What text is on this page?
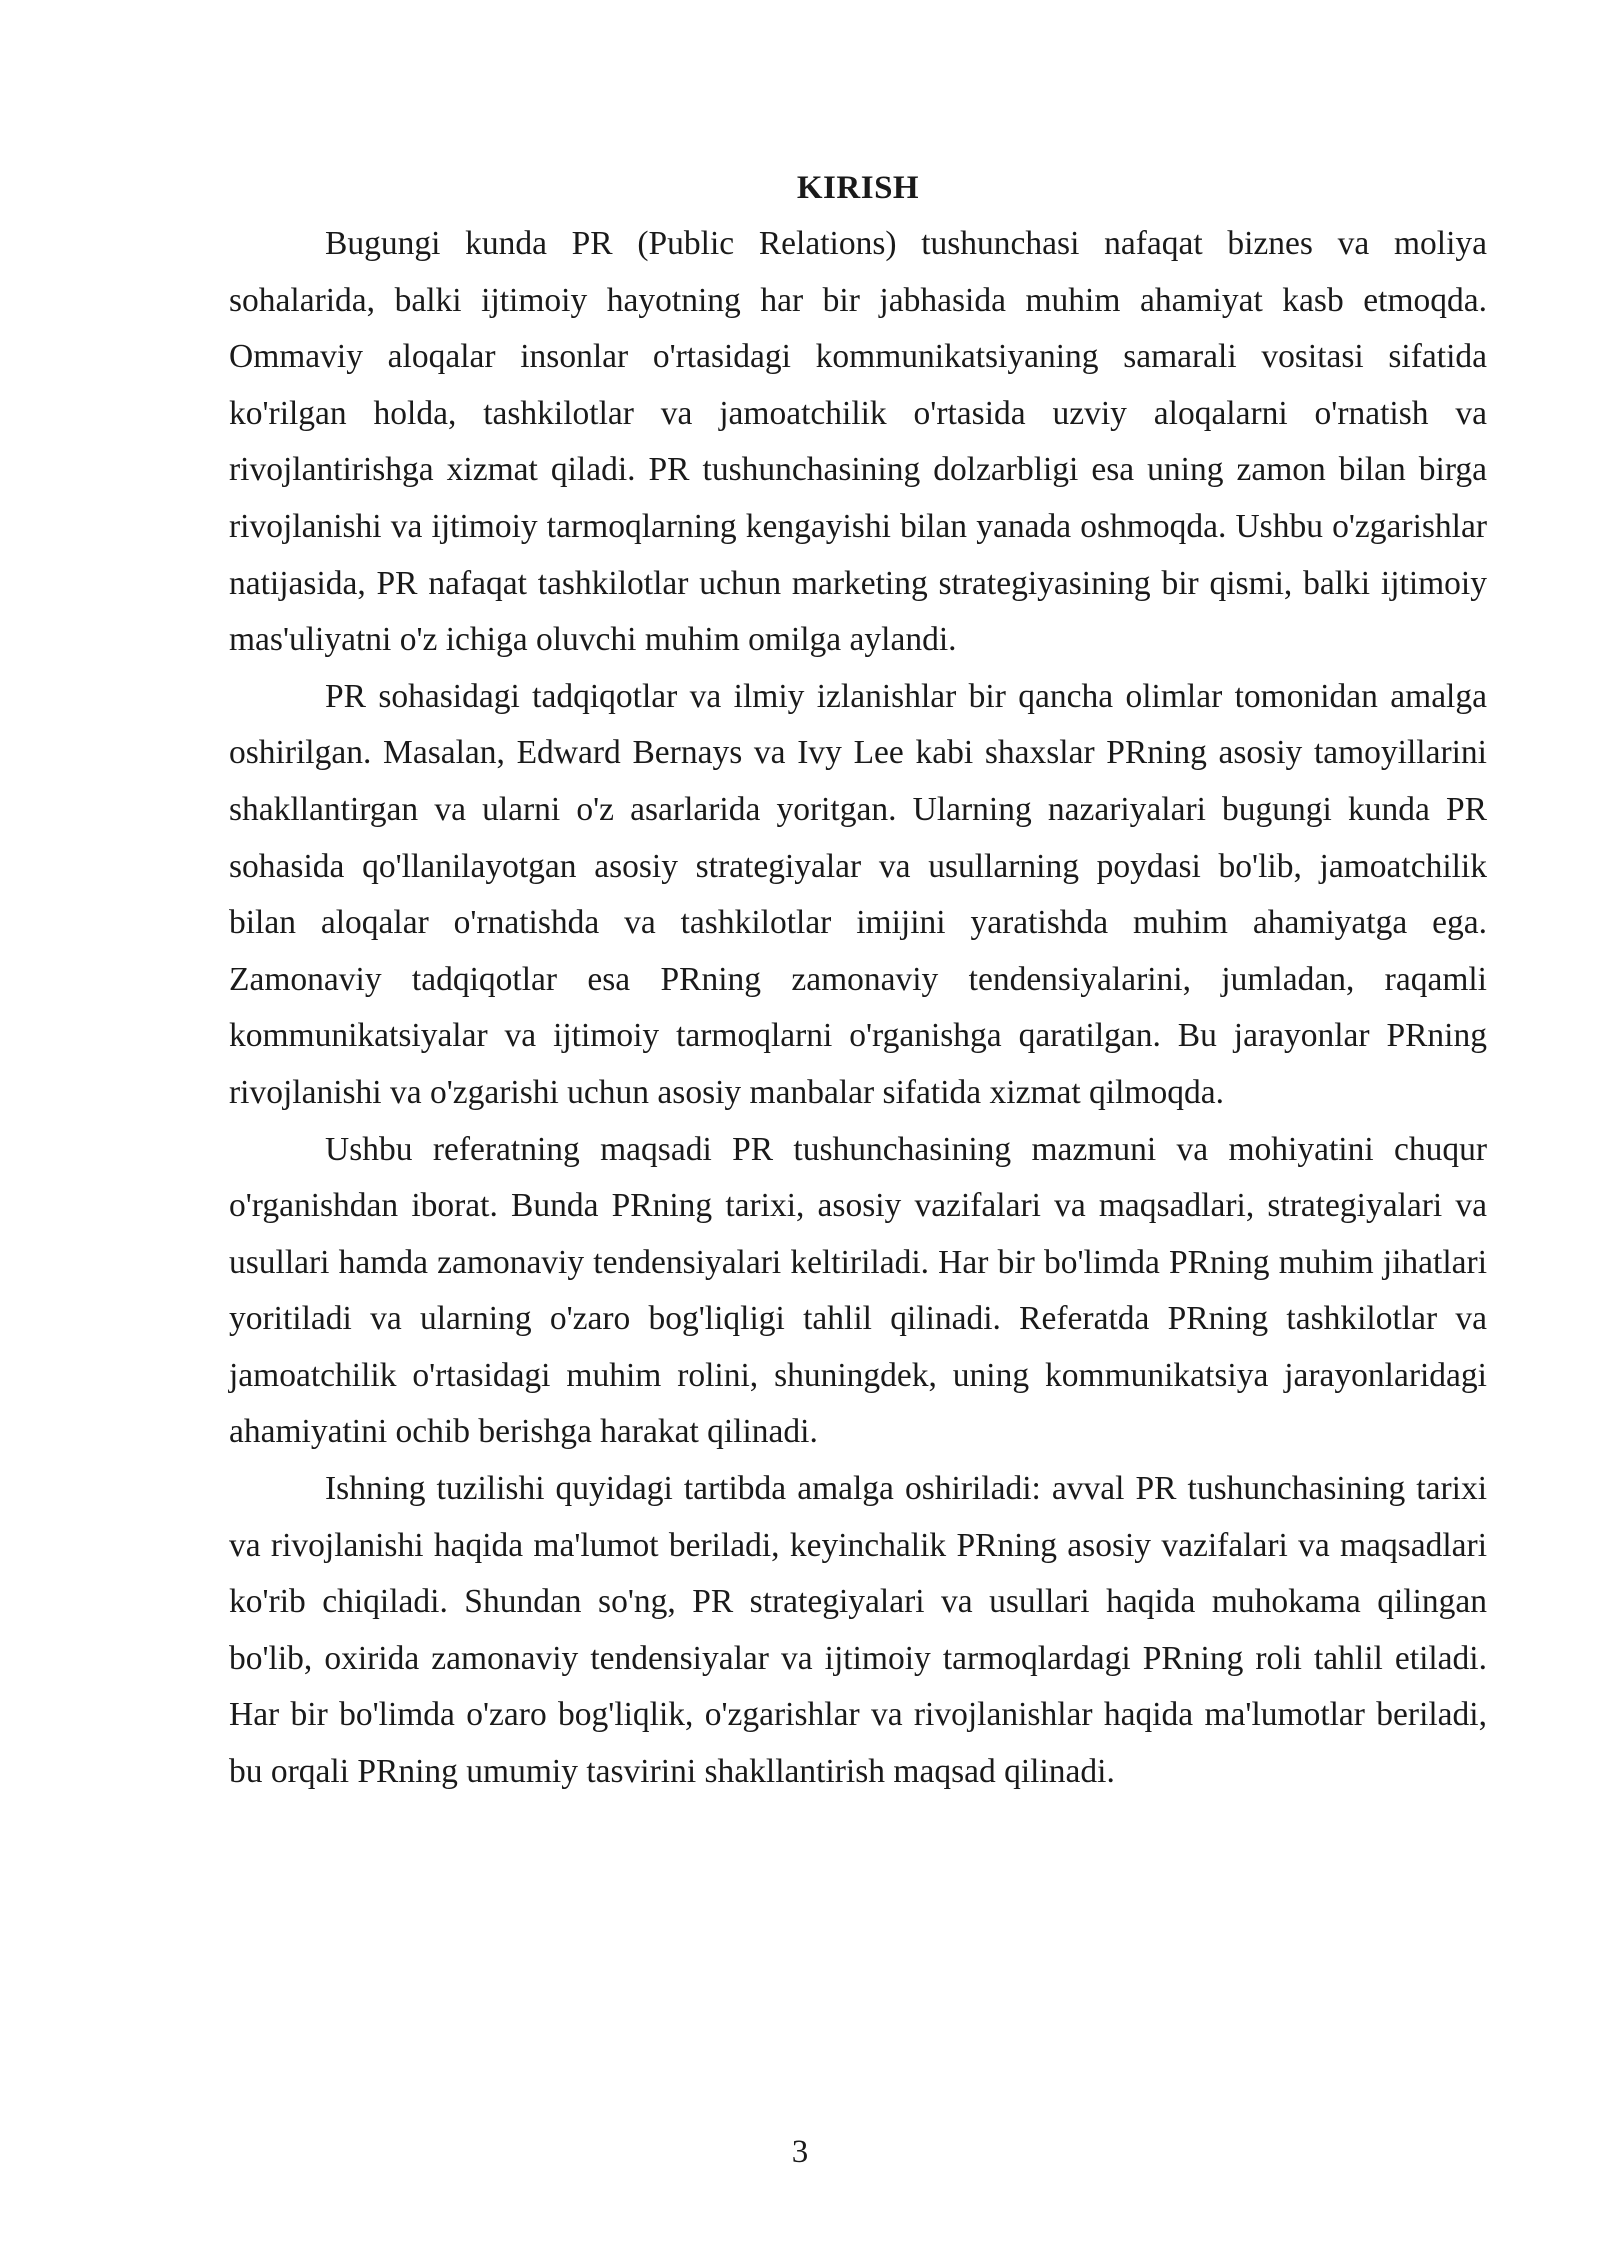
KIRISH

Bugungi kunda PR (Public Relations) tushunchasi nafaqat biznes va moliya sohalarida, balki ijtimoiy hayotning har bir jabhasida muhim ahamiyat kasb etmoqda. Ommaviy aloqalar insonlar o'rtasidagi kommunikatsiyaning samarali vositasi sifatida ko'rilgan holda, tashkilotlar va jamoatchilik o'rtasida uzviy aloqalarni o'rnatish va rivojlantirishga xizmat qiladi. PR tushunchasining dolzarbligi esa uning zamon bilan birga rivojlanishi va ijtimoiy tarmoqlarning kengayishi bilan yanada oshmoqda. Ushbu o'zgarishlar natijasida, PR nafaqat tashkilotlar uchun marketing strategiyasining bir qismi, balki ijtimoiy mas'uliyatni o'z ichiga oluvchi muhim omilga aylandi.

PR sohasidagi tadqiqotlar va ilmiy izlanishlar bir qancha olimlar tomonidan amalga oshirilgan. Masalan, Edward Bernays va Ivy Lee kabi shaxslar PRning asosiy tamoyillarini shakllantirgan va ularni o'z asarlarida yoritgan. Ularning nazariyalari bugungi kunda PR sohasida qo'llanilayotgan asosiy strategiyalar va usullarning poydasi bo'lib, jamoatchilik bilan aloqalar o'rnatishda va tashkilotlar imijini yaratishda muhim ahamiyatga ega. Zamonaviy tadqiqotlar esa PRning zamonaviy tendensiyalarini, jumladan, raqamli kommunikatsiyalar va ijtimoiy tarmoqlarni o'rganishga qaratilgan. Bu jarayonlar PRning rivojlanishi va o'zgarishi uchun asosiy manbalar sifatida xizmat qilmoqda.

Ushbu referatning maqsadi PR tushunchasining mazmuni va mohiyatini chuqur o'rganishdan iborat. Bunda PRning tarixi, asosiy vazifalari va maqsadlari, strategiyalari va usullari hamda zamonaviy tendensiyalari keltiriladi. Har bir bo'limda PRning muhim jihatlari yoritiladi va ularning o'zaro bog'liqligi tahlil qilinadi. Referatda PRning tashkilotlar va jamoatchilik o'rtasidagi muhim rolini, shuningdek, uning kommunikatsiya jarayonlaridagi ahamiyatini ochib berishga harakat qilinadi.

Ishning tuzilishi quyidagi tartibda amalga oshiriladi: avval PR tushunchasining tarixi va rivojlanishi haqida ma'lumot beriladi, keyinchalik PRning asosiy vazifalari va maqsadlari ko'rib chiqiladi. Shundan so'ng, PR strategiyalari va usullari haqida muhokama qilingan bo'lib, oxirida zamonaviy tendensiyalar va ijtimoiy tarmoqlardagi PRning roli tahlil etiladi. Har bir bo'limda o'zaro bog'liqlik, o'zgarishlar va rivojlanishlar haqida ma'lumotlar beriladi, bu orqali PRning umumiy tasvirini shakllantirish maqsad qilinadi.

3
